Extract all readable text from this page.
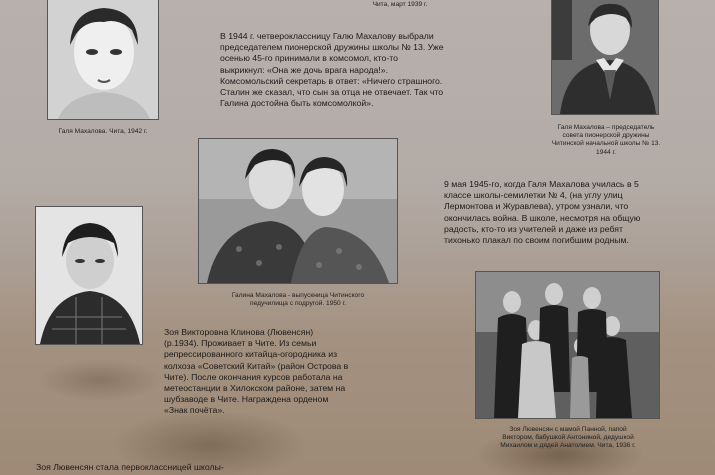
Галя Махалова. Чита, 1942 г.
Чита, март 1939 г.
Галя Махалова – председатель
совета пионерской дружины
Читинской начальной школы № 13.
1944 г.

В 1944 г. четвероклассницу Галю Махалову выбрали

председателем пионерской дружины школы № 13. Уже

осенью 45-го принимали в комсомол, кто-то

выкрикнул: «Она же дочь врага народа!».

Комсомольский секретарь в ответ: «Ничего страшного.

Сталин же сказал, что сын за отца не отвечает. Так что

Галина достойна быть комсомолкой».

Галина Махалова - выпускница Читинского
педучилища с подругой. 1950 г.

9 мая 1945-го, когда Галя Махалова училась в 5

классе школы-семилетки № 4, (на углу улиц

Лермонтова и Журавлева), утром узнали, что

окончилась война. В школе, несмотря на общую

радость, кто-то из учителей и даже из ребят

тихонько плакал по своим погибшим родным.

Зоя Викторовна Клинова (Лювенсян)

(р.1934). Проживает в Чите. Из семьи

репрессированного китайца-огородника из

колхоза «Советский Китай» (район Острова в

Чите). После окончания курсов работала на

метеостанции в Хилокском районе, затем на

шубзаводе в Чите. Награждена орденом

«Знак почёта».

Зоя Лювенсян с мамой Панной, папой
Виктором, бабушкой Антониной, дедушкой
Михаилом и дядей Анатолием. Чита, 1936 г.
Зоя Лювенсян стала первоклассницей школы-
